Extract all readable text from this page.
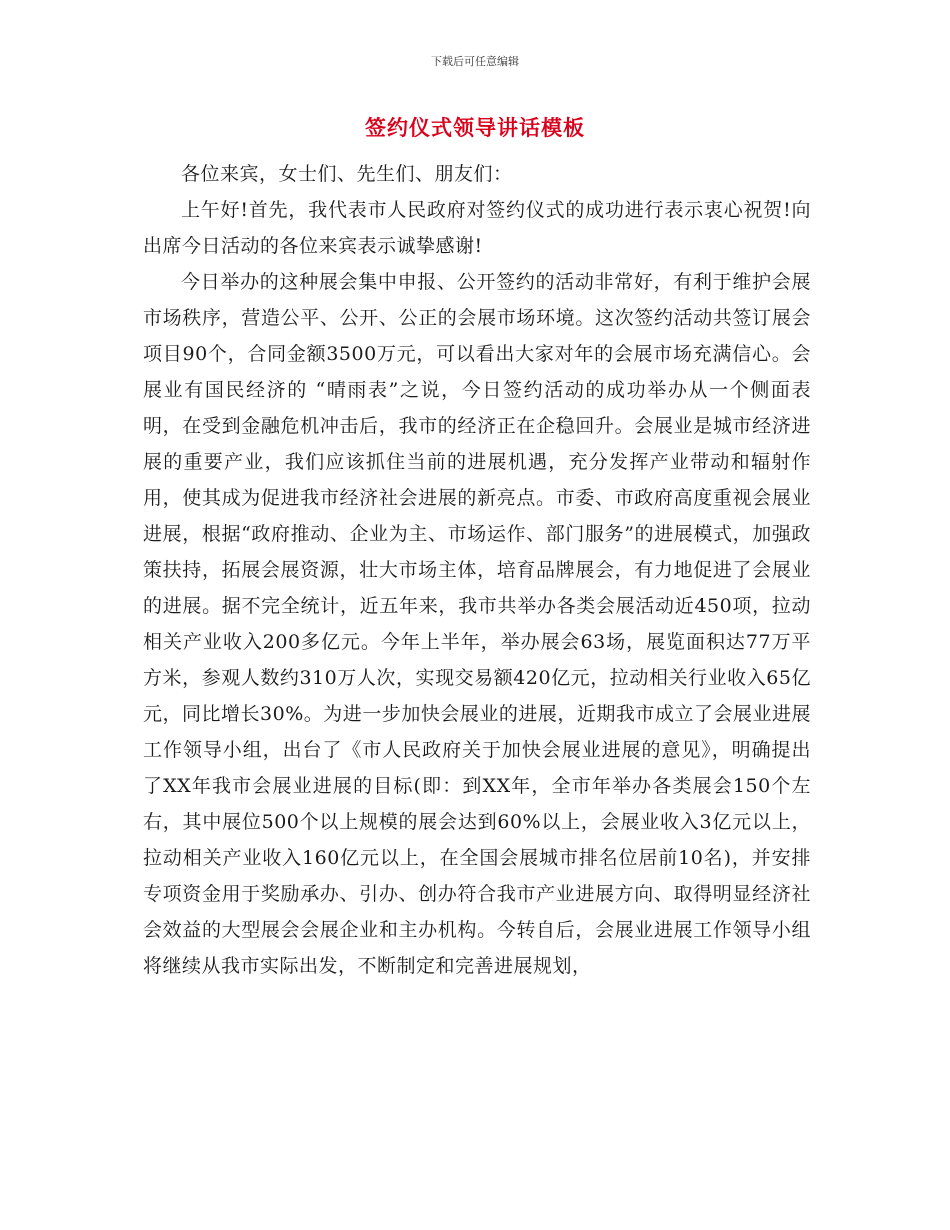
下载后可任意编辑
签约仪式领导讲话模板

各位来宾，女士们、先生们、朋友们：

上午好!首先，我代表市人民政府对签约仪式的成功进行表示衷心祝贺!向出席今日活动的各位来宾表示诚挚感谢!

今日举办的这种展会集中申报、公开签约的活动非常好，有利于维护会展市场秩序，营造公平、公开、公正的会展市场环境。这次签约活动共签订展会项目90个，合同金额3500万元，可以看出大家对年的会展市场充满信心。会展业有国民经济的 “晴雨表”之说，今日签约活动的成功举办从一个侧面表明，在受到金融危机冲击后，我市的经济正在企稳回升。会展业是城市经济进展的重要产业，我们应该抓住当前的进展机遇，充分发挥产业带动和辐射作用，使其成为促进我市经济社会进展的新亮点。市委、市政府高度重视会展业进展，根据“政府推动、企业为主、市场运作、部门服务”的进展模式，加强政策扶持，拓展会展资源，壮大市场主体，培育品牌展会，有力地促进了会展业的进展。据不完全统计，近五年来，我市共举办各类会展活动近450项，拉动相关产业收入200多亿元。今年上半年，举办展会63场，展览面积达77万平方米，参观人数约310万人次，实现交易额420亿元，拉动相关行业收入65亿元，同比增长30%。为进一步加快会展业的进展，近期我市成立了会展业进展工作领导小组，出台了《市人民政府关于加快会展业进展的意见》，明确提出了XX年我市会展业进展的目标(即：到XX年，全市年举办各类展会150个左右，其中展位500个以上规模的展会达到60%以上，会展业收入3亿元以上，拉动相关产业收入160亿元以上，在全国会展城市排名位居前10名)，并安排专项资金用于奖励承办、引办、创办符合我市产业进展方向、取得明显经济社会效益的大型展会会展企业和主办机构。今转自后，会展业进展工作领导小组将继续从我市实际出发，不断制定和完善进展规划，
